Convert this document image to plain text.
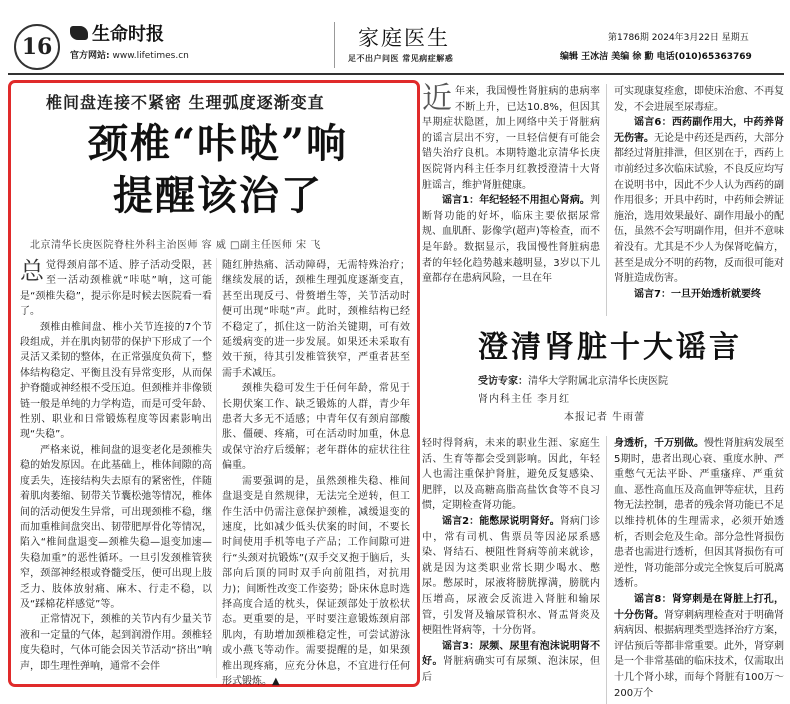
16	生命时报
官方网站: www.lifetimes.cn
家庭医生
足不出户问医 常见病症解惑
第1786期 2024年3月22日 星期五
编辑 王冰洁 美编 徐 勳 电话(010)65363769
椎间盘连接不紧密 生理弧度逐渐变直
颈椎“咔哒”响
提醒该治了
北京清华长庚医院脊柱外科主治医师 容 威 □副主任医师 宋 飞

总 觉得颈肩部不适、脖子活动受限，甚至一活动颈椎就“咔哒”响，这可能是“颈椎失稳”，提示你是时候去医院看一看了。

颈椎由椎间盘、椎小关节连接的7个节段组成，并在肌肉韧带的保护下形成了一个灵活又柔韧的整体，在正常强度负荷下，整体结构稳定、平衡且没有异常变形，从而保护脊髓或神经根不受压迫。但颈椎并非像锁链一般是单纯的力学构造，而是可受年龄、性别、职业和日常锻炼程度等因素影响出现“失稳”。

严格来说，椎间盘的退变老化是颈椎失稳的始发原因。在此基础上，椎体间隙的高度丢失，连接结构失去原有的紧密性，伴随着肌肉萎缩、韧带关节囊松弛等情况，椎体间的活动便发生异常，可出现颈椎不稳，继而加重椎间盘突出、韧带肥厚骨化等情况，陷入“椎间盘退变—颈椎失稳—退变加速—失稳加重”的恶性循环。一旦引发颈椎管狭窄，颈部神经根或脊髓受压，便可出现上肢乏力、肢体放射痛、麻木、行走不稳，以及“踩棉花样感觉”等。

正常情况下，颈椎的关节内有少量关节液和一定量的气体，起到润滑作用。颈椎轻度失稳时，气体可能会因关节活动“挤出”响声，即生理性弹响，通常不会伴

随红肿热痛、活动障碍，无需特殊治疗；继续发展的话，颈椎生理弧度逐渐变直，甚至出现反弓、骨赘增生等，关节活动时便可出现“咔哒”声。此时，颈椎结构已经不稳定了，抓住这一防治关键期，可有效延缓病变的进一步发展。如果还未采取有效干预，待其引发椎管狭窄，严重者甚至需手术减压。

颈椎失稳可发生于任何年龄，常见于长期伏案工作、缺乏锻炼的人群，青少年患者大多无不适感；中青年仅有颈肩部酸胀、僵硬、疼痛，可在活动时加重，休息或保守治疗后缓解；老年群体的症状往往偏重。

需要强调的是，虽然颈椎失稳、椎间盘退变是自然规律，无法完全逆转，但工作生活中仍需注意保护颈椎，减缓退变的速度，比如减少低头伏案的时间，不要长时间使用手机等电子产品；工作间隙可进行“头颈对抗锻炼”(双手交叉抱于脑后，头部向后顶的同时双手向前阻挡，对抗用力)；间断性改变工作姿势；卧床休息时选择高度合适的枕头，保证颈部处于放松状态。更重要的是，平时要注意锻炼颈肩部肌肉，有助增加颈椎稳定性，可尝试游泳或小燕飞等动作。需要提醒的是，如果颈椎出现疼痛，应充分休息，不宜进行任何形式锻炼。▲

近 年来，我国慢性肾脏病的患病率不断上升，已达10.8%，但因其早期症状隐匿，加上网络中关于肾脏病的谣言层出不穷，一旦轻信便有可能会错失治疗良机。本期特邀北京清华长庚医院肾内科主任李月红教授澄清十大肾脏谣言，维护肾脏健康。

谣言1：年纪轻轻不用担心肾病。判断肾功能的好坏，临床主要依据尿常规、血肌酐、影像学(超声)等检查，而不是年龄。数据显示，我国慢性肾脏病患者的年轻化趋势越来越明显，3岁以下儿童都存在患病风险，一旦在年

可实现康复痊愈，即使床治愈、不再复发，不会进展至尿毒症。

谣言6：西药副作用大，中药养肾无伤害。无论是中药还是西药，大部分都经过肾脏排泄，但区别在于，西药上市前经过多次临床试验，不良反应均写在说明书中，因此不少人认为西药的副作用很多；开具中药时，中药师会辨证施治，选用效果最好、副作用最小的配伍，虽然不会写明副作用，但并不意味着没有。尤其是不少人为保肾吃偏方，甚至是成分不明的药物，反而很可能对肾脏造成伤害。

谣言7：一旦开始透析就要终

澄清肾脏十大谣言
受访专家：清华大学附属北京清华长庚医院
肾内科主任 李月红
本报记者 牛雨蕾

轻时得肾病，未来的职业生涯、家庭生活、生育等都会受到影响。因此，年轻人也需注重保护肾脏，避免反复感染、肥胖，以及高糖高脂高盐饮食等不良习惯，定期检查肾功能。

谣言2：能憋尿说明肾好。肾病门诊中，常有司机、售票员等因泌尿系感染、肾结石、梗阻性肾病等前来就诊，就是因为这类职业常长期少喝水、憋尿。憋尿时，尿液将膀胱撑满，膀胱内压增高，尿液会反流进入肾脏和输尿管，引发肾及输尿管积水、肾盂肾炎及梗阻性肾病等，十分伤肾。

谣言3：尿频、尿里有泡沫说明肾不好。肾脏病确实可有尿频、泡沫尿，但后

身透析，千万别做。慢性肾脏病发展至5期时，患者出现心衰、重度水肿、严重憋气无法平卧、严重瘙痒、严重贫血、恶性高血压及高血钾等症状，且药物无法控制，患者的残余肾功能已不足以维持机体的生理需求，必须开始透析，否则会危及生命。部分急性肾损伤患者也需进行透析，但因其肾损伤有可逆性，肾功能部分或完全恢复后可脱离透析。

谣言8：肾穿刺是在肾脏上打孔，十分伤肾。肾穿刺病理检查对于明确肾病病因、根据病理类型选择治疗方案，评估预后等都非常重要。此外，肾穿刺是一个非常基础的临床技术，仅需取出十几个肾小球，而每个肾脏有100万～200万个
